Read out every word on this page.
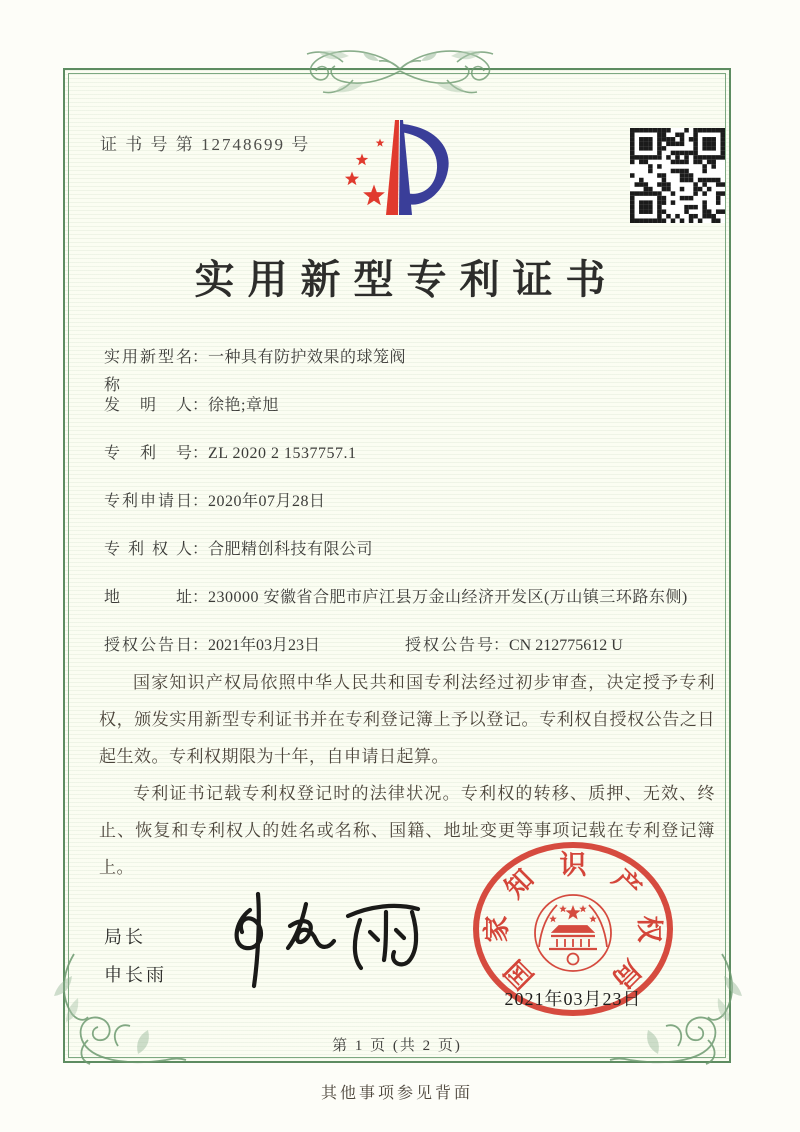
证 书 号 第 12748699 号
实用新型专利证书
实用新型名称：一种具有防护效果的球笼阀
发明人：徐艳;章旭
专利号：ZL 2020 2 1537757.1
专利申请日：2020年07月28日
专利权人：合肥精创科技有限公司
地址：230000 安徽省合肥市庐江县万金山经济开发区(万山镇三环路东侧)
授权公告日：2021年03月23日	授权公告号：CN 212775612 U

国家知识产权局依照中华人民共和国专利法经过初步审查，决定授予专利权，颁发实用新型专利证书并在专利登记簿上予以登记。专利权自授权公告之日起生效。专利权期限为十年，自申请日起算。

专利证书记载专利权登记时的法律状况。专利权的转移、质押、无效、终止、恢复和专利权人的姓名或名称、国籍、地址变更等事项记载在专利登记簿上。

局长
申长雨	国
家
知 识 产
权
局
2021年03月23日
第 1 页 (共 2 页)
其他事项参见背面
